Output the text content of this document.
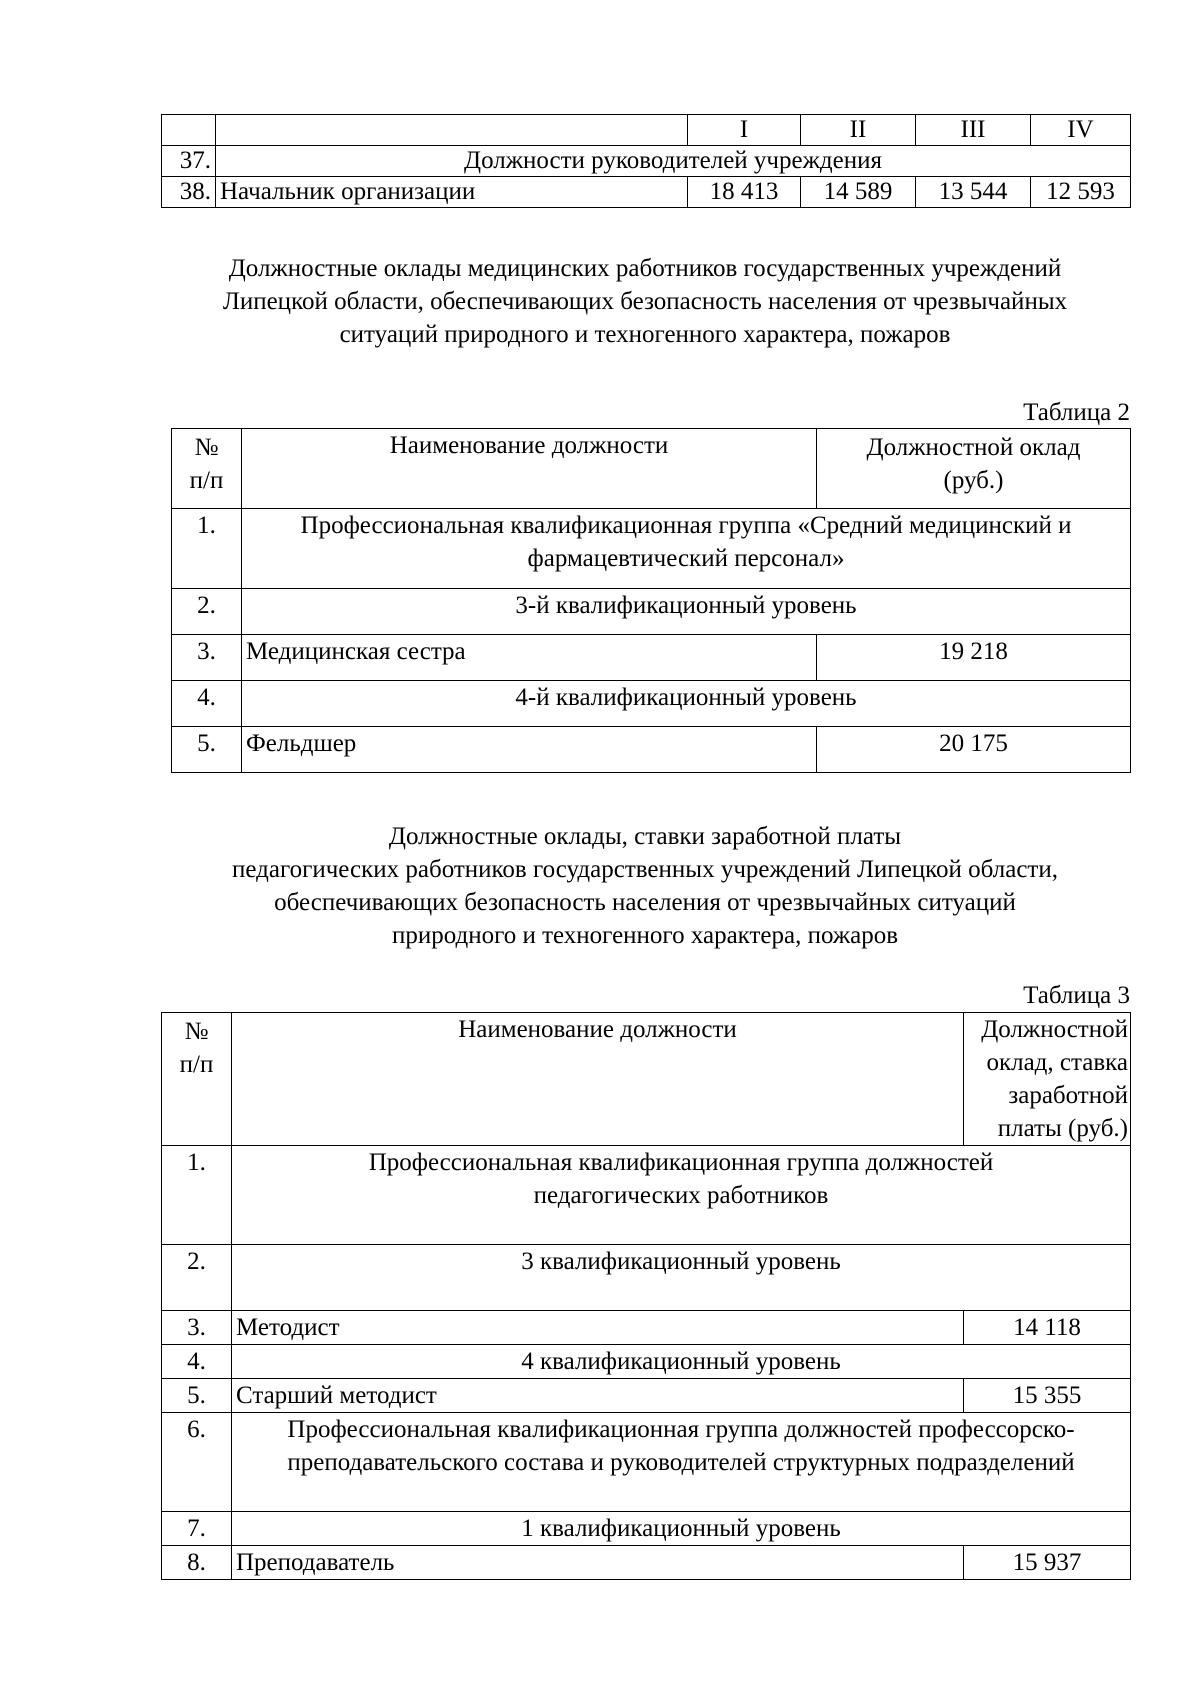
		I	II	III	IV
37.	Должности руководителей учреждения				
38.	Начальник организации	18 413	14 589	13 544	12 593
Должностные оклады медицинских работников государственных учреждений
Липецкой области, обеспечивающих безопасность населения от чрезвычайных
ситуаций природного и техногенного характера, пожаров
Таблица 2
№ п/п	Наименование должности	Должностной оклад (руб.)
1.	Профессиональная квалификационная группа «Средний медицинский и фармацевтический персонал»	
2.	3-й квалификационный уровень	
3.	Медицинская сестра	19 218
4.	4-й квалификационный уровень	
5.	Фельдшер	20 175
Должностные оклады, ставки заработной платы
педагогических работников государственных учреждений Липецкой области,
обеспечивающих безопасность населения от чрезвычайных ситуаций
природного и техногенного характера, пожаров
Таблица 3
№ п/п	Наименование должности	Должностной оклад, ставка заработной платы (руб.)
1.	Профессиональная квалификационная группа должностей педагогических работников	
2.	3 квалификационный уровень	
3.	Методист	14 118
4.	4 квалификационный уровень	
5.	Старший методист	15 355
6.	Профессиональная квалификационная группа должностей профессорско-преподавательского состава и руководителей структурных подразделений	
7.	1 квалификационный уровень	
8.	Преподаватель	15 937
